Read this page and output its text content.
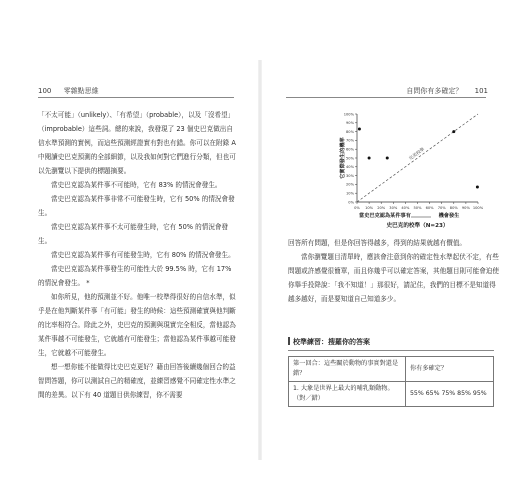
100 零雜點思維

「不太可能」（unlikely）、「有希望」（probable），以及「沒希望」（improbable）這些詞。總的來說，我發現了 23 個史巴克做出自信水準預測的實例，而這些預測經證實有對也有錯。你可以在附錄 A 中閱讀史巴克預測的全部細節，以及我如何對它們進行分類，但也可以先瀏覽以下提供的標題摘要。

當史巴克認為某件事不可能時，它有 83% 的情況會發生。

當史巴克認為某件事非常不可能發生時，它有 50% 的情況會發生。

當史巴克認為某件事不太可能發生時，它有 50% 的情況會發生。

當史巴克認為某件事有可能發生時，它有 80% 的情況會發生。

當史巴克認為某件事發生的可能性大於 99.5% 時，它有 17% 的情況會發生。 *

如你所見，他的預測並不好。他唯一校準得很好的自信水準，似乎是在他判斷某件事「有可能」發生的時候：這些預測確實與他判斷的比率相符合。除此之外，史巴克的預測與現實完全相反，當他認為某件事越不可能發生，它就越有可能發生；當他認為某件事越可能發生，它就越不可能發生。

想一想你能不能做得比史巴克更好？藉由回答後續幾個回合的益智問答題，你可以測試自己的精確度，並練習感覺不同確定性水準之間的差異。以下有 40 道題目供你練習，你不需要

自問你有多確定？ 101
0% 10% 20% 30% 40% 50% 60% 70% 80% 90% 100%
0%
10%
20%
30%
40%
50%
60%
70%
80%
90%
100%
完美校準
它實際發生的機率
當史巴克認為某件事有	機會發生
史巴克的校準（N=23）

回答所有問題，但是你回答得越多，得到的結果就越有價值。

當你瀏覽題目清單時，應該會注意到你的確定性水準起伏不定，有些問題或許感覺很簡單，而且你幾乎可以確定答案，其他題目則可能會迫使你舉手投降說：「我不知道！」那很好，請記住，我們的目標不是知道得越多越好，而是要知道自己知道多少。

校準練習：搜羅你的答案
第一回合：這些關於動物的事實對還是錯？	你有多確定？
1. 大象是世界上最大的哺乳類動物。（對／錯）	55% 65% 75% 85% 95%
